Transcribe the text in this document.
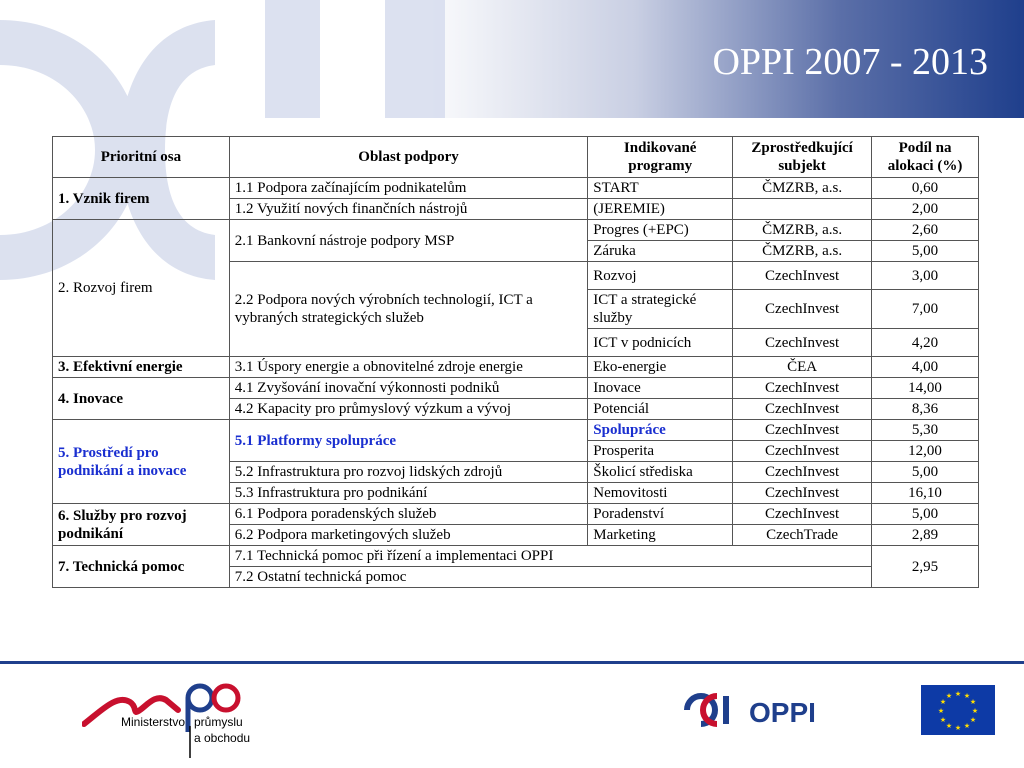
OPPI 2007 - 2013
Prioritní osa	Oblast podpory	Indikované programy	Zprostředkující subjekt	Podíl na alokaci (%)
1. Vznik firem	1.1 Podpora začínajícím podnikatelům	START	ČMZRB, a.s.	0,60
	1.2 Využití nových finančních nástrojů	(JEREMIE)		2,00
2. Rozvoj firem	2.1 Bankovní nástroje podpory MSP	Progres (+EPC)	ČMZRB, a.s.	2,60
		Záruka	ČMZRB, a.s.	5,00
	2.2 Podpora nových výrobních technologií, ICT a vybraných strategických služeb	Rozvoj	CzechInvest	3,00
		ICT a strategické služby	CzechInvest	7,00
		ICT v podnicích	CzechInvest	4,20
3. Efektivní energie	3.1 Úspory energie a obnovitelné zdroje energie	Eko-energie	ČEA	4,00
4. Inovace	4.1 Zvyšování inovační výkonnosti podniků	Inovace	CzechInvest	14,00
	4.2 Kapacity pro průmyslový výzkum a vývoj	Potenciál	CzechInvest	8,36
5. Prostředí pro podnikání a inovace	5.1 Platformy spolupráce	Spolupráce	CzechInvest	5,30
		Prosperita	CzechInvest	12,00
	5.2 Infrastruktura pro rozvoj lidských zdrojů	Školicí střediska	CzechInvest	5,00
	5.3 Infrastruktura pro podnikání	Nemovitosti	CzechInvest	16,10
6. Služby pro rozvoj podnikání	6.1 Podpora poradenských služeb	Poradenství	CzechInvest	5,00
	6.2 Podpora marketingových služeb	Marketing	CzechTrade	2,89
7. Technická pomoc	7.1 Technická pomoc při řízení a implementaci OPPI			2,95
	7.2 Ostatní technická pomoc			
Ministerstvo průmyslu
a obchodu
OPPI
★ ★
★
★
★
★
★
★
★
★
★
★
